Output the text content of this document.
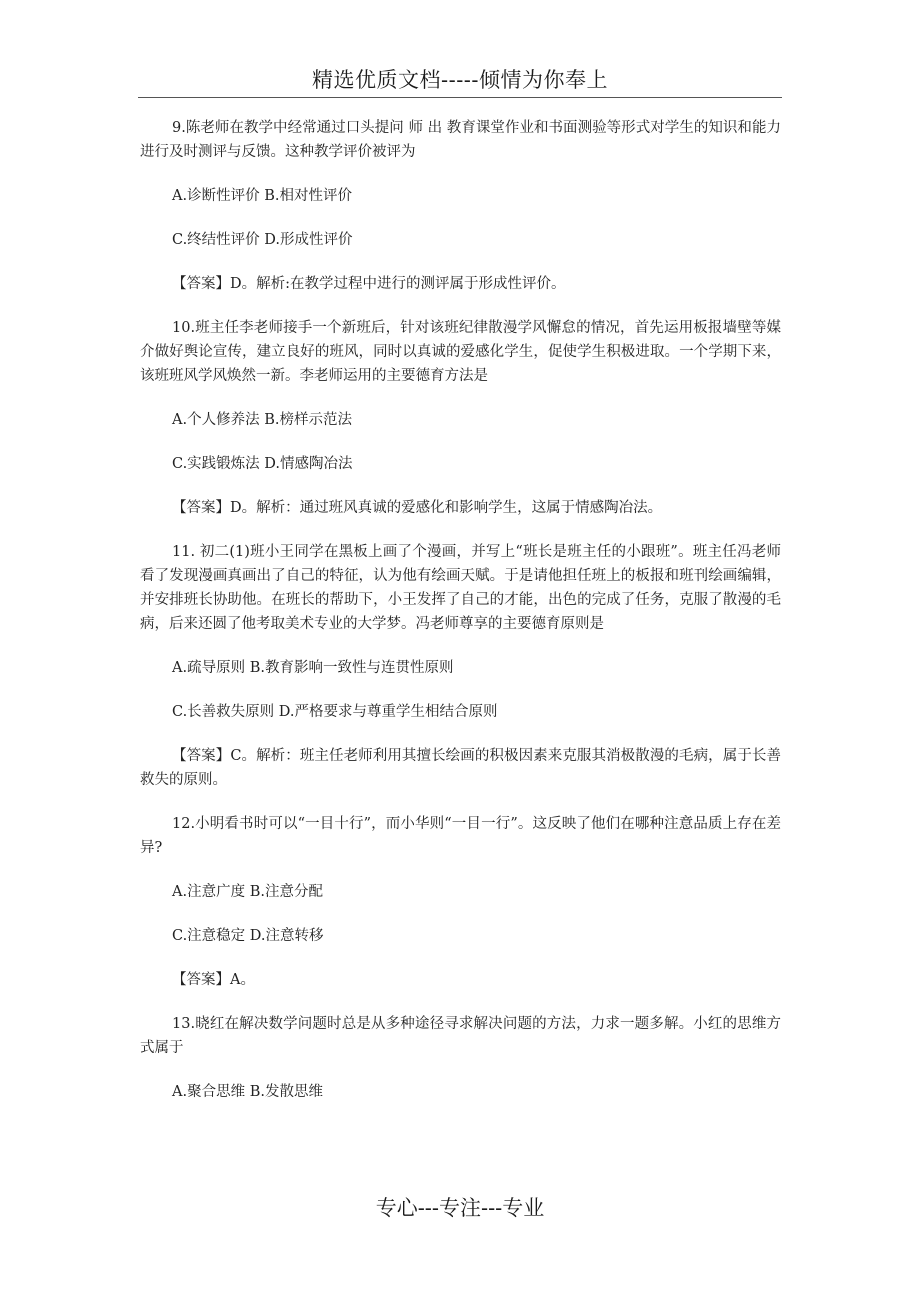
精选优质文档-----倾情为你奉上

9.陈老师在教学中经常通过口头提问 师 出 教育课堂作业和书面测验等形式对学生的知识和能力进行及时测评与反馈。这种教学评价被评为

A.诊断性评价 B.相对性评价

C.终结性评价 D.形成性评价

【答案】D。解析:在教学过程中进行的测评属于形成性评价。

10.班主任李老师接手一个新班后，针对该班纪律散漫学风懈怠的情况，首先运用板报墙壁等媒介做好舆论宣传，建立良好的班风，同时以真诚的爱感化学生，促使学生积极进取。一个学期下来，该班班风学风焕然一新。李老师运用的主要德育方法是

A.个人修养法 B.榜样示范法

C.实践锻炼法 D.情感陶冶法

【答案】D。解析：通过班风真诚的爱感化和影响学生，这属于情感陶冶法。

11. 初二(1)班小王同学在黑板上画了个漫画，并写上“班长是班主任的小跟班”。班主任冯老师看了发现漫画真画出了自己的特征，认为他有绘画天赋。于是请他担任班上的板报和班刊绘画编辑，并安排班长协助他。在班长的帮助下，小王发挥了自己的才能，出色的完成了任务，克服了散漫的毛病，后来还圆了他考取美术专业的大学梦。冯老师尊享的主要德育原则是

A.疏导原则 B.教育影响一致性与连贯性原则

C.长善救失原则 D.严格要求与尊重学生相结合原则

【答案】C。解析：班主任老师利用其擅长绘画的积极因素来克服其消极散漫的毛病，属于长善救失的原则。

12.小明看书时可以“一目十行”，而小华则“一目一行”。这反映了他们在哪种注意品质上存在差异?

A.注意广度 B.注意分配

C.注意稳定 D.注意转移

【答案】A。

13.晓红在解决数学问题时总是从多种途径寻求解决问题的方法，力求一题多解。小红的思维方式属于

A.聚合思维 B.发散思维

专心---专注---专业
